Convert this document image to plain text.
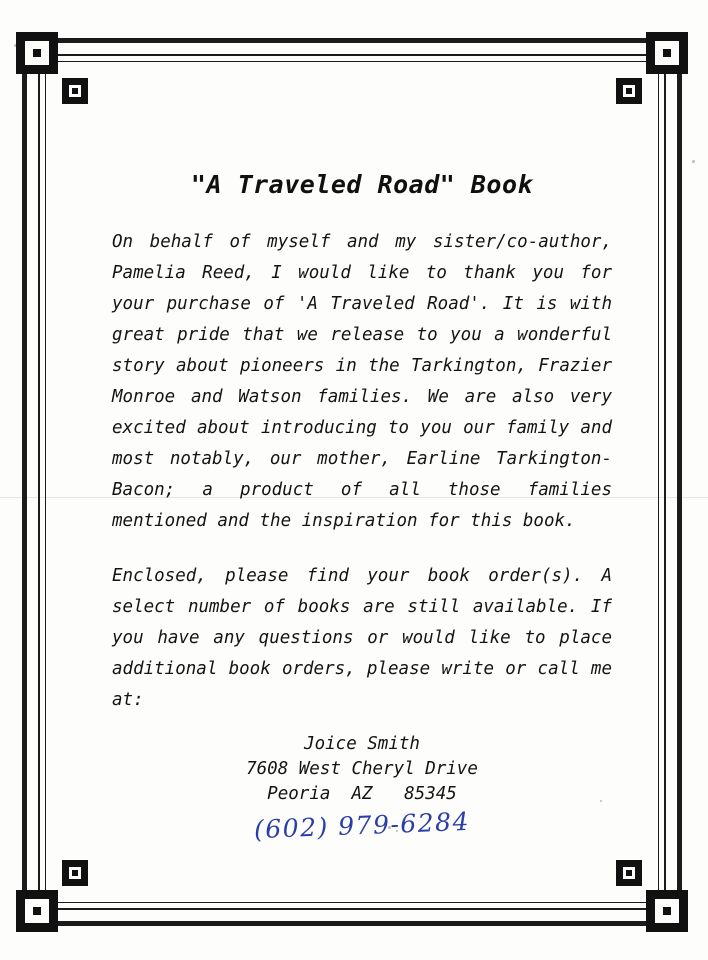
"A Traveled Road" Book

On behalf of myself and my sister/co-author, Pamelia Reed, I would like to thank you for your purchase of 'A Traveled Road'. It is with great pride that we release to you a wonderful story about pioneers in the Tarkington, Frazier Monroe and Watson families. We are also very excited about introducing to you our family and most notably, our mother, Earline Tarkington-Bacon; a product of all those families mentioned and the inspiration for this book.

Enclosed, please find your book order(s). A select number of books are still available. If you have any questions or would like to place additional book orders, please write or call me at:

Joice Smith
7608 West Cheryl Drive
Peoria  AZ   85345
(602) 979-6284
